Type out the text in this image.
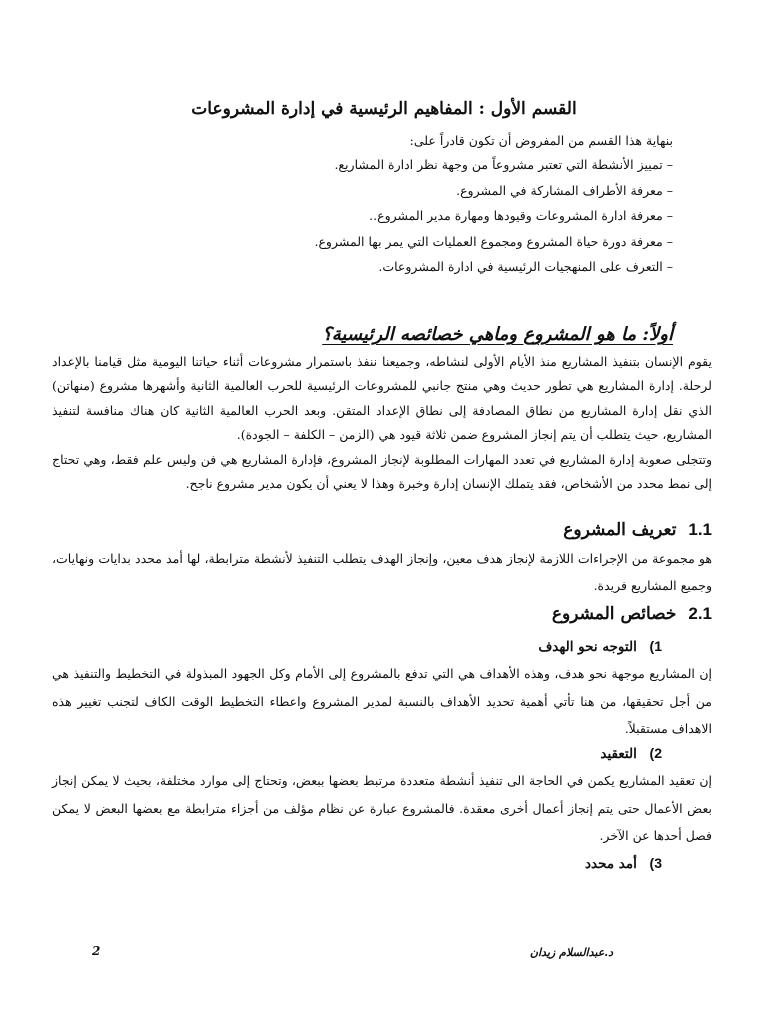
القسم الأول : المفاهيم الرئيسية في إدارة المشروعات
بنهاية هذا القسم من المفروض أن تكون قادراً على:
– تمييز الأنشطة التي تعتبر مشروعاً من وجهة نظر ادارة المشاريع.
– معرفة الأطراف المشاركة في المشروع.
– معرفة ادارة المشروعات وقيودها ومهارة مدير المشروع..
– معرفة دورة حياة المشروع ومجموع العمليات التي يمر بها المشروع.
– التعرف على المنهجيات الرئيسية في ادارة المشروعات.
أولاً: ما هو المشروع وماهي خصائصه الرئيسية؟

يقوم الإنسان بتنفيذ المشاريع منذ الأيام الأولى لنشاطه، وجميعنا ننفذ باستمرار مشروعات أثناء حياتنا اليومية مثل قيامنا بالإعداد لرحلة. إدارة المشاريع هي تطور حديث وهي منتج جانبي للمشروعات الرئيسية للحرب العالمية الثانية وأشهرها مشروع (منهاتن) الذي نقل إدارة المشاريع من نطاق المصادفة إلى نطاق الإعداد المتقن. وبعد الحرب العالمية الثانية كان هناك منافسة لتنفيذ المشاريع، حيث يتطلب أن يتم إنجاز المشروع ضمن ثلاثة قيود هي (الزمن – الكلفة – الجودة).

وتتجلى صعوبة إدارة المشاريع في تعدد المهارات المطلوبة لإنجاز المشروع، فإدارة المشاريع هي فن وليس علم فقط، وهي تحتاج إلى نمط محدد من الأشخاص، فقد يتملك الإنسان إدارة وخبرة وهذا لا يعني أن يكون مدير مشروع ناجح.

1.1 تعريف المشروع

هو مجموعة من الإجراءات اللازمة لإنجاز هدف معين، وإنجاز الهدف يتطلب التنفيذ لأنشطة مترابطة، لها أمد محدد بدايات ونهايات، وجميع المشاريع فريدة.

2.1 خصائص المشروع
1) التوجه نحو الهدف

إن المشاريع موجهة نحو هدف، وهذه الأهداف هي التي تدفع بالمشروع إلى الأمام وكل الجهود المبذولة في التخطيط والتنفيذ هي من أجل تحقيقها، من هنا تأتي أهمية تحديد الأهداف بالنسبة لمدير المشروع واعطاء التخطيط الوقت الكاف لتجنب تغيير هذه الاهداف مستقبلاً.

2) التعقيد

إن تعقيد المشاريع يكمن في الحاجة الى تنفيذ أنشطة متعددة مرتبط بعضها ببعض، وتحتاج إلى موارد مختلفة، بحيث لا يمكن إنجاز بعض الأعمال حتى يتم إنجاز أعمال أخرى معقدة. فالمشروع عبارة عن نظام مؤلف من أجزاء مترابطة مع بعضها البعض لا يمكن فصل أحدها عن الآخر.

3) أمد محدد
د.عبدالسلام زيدان
2
